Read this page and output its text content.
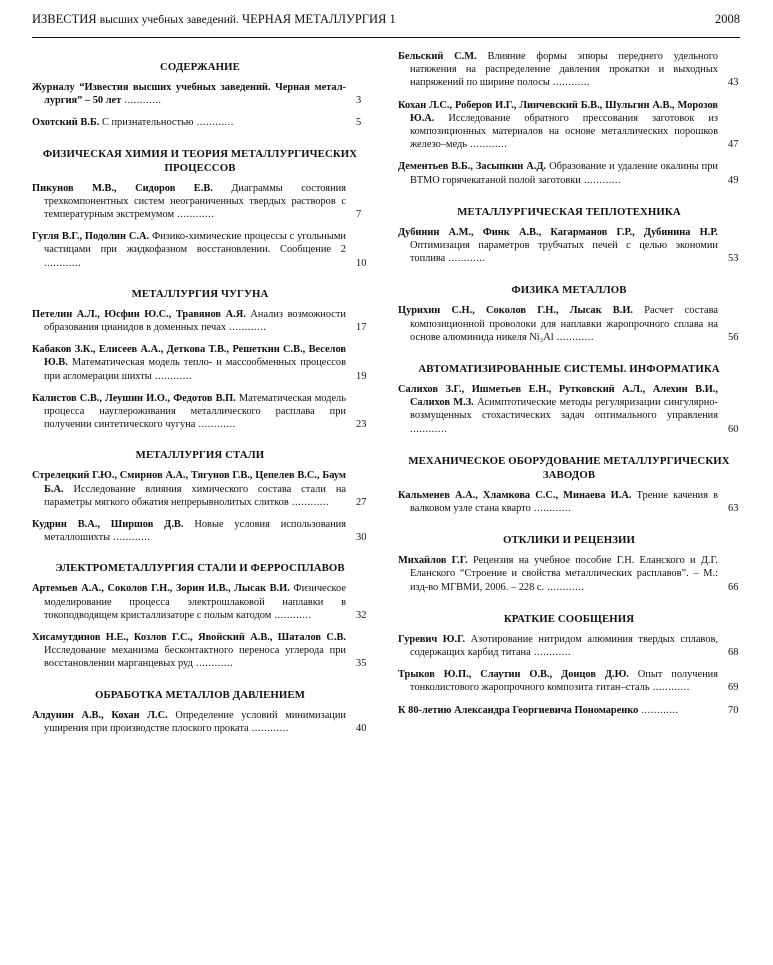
ИЗВЕСТИЯ высших учебных заведений. ЧЕРНАЯ МЕТАЛЛУРГИЯ 1	2008
СОДЕРЖАНИЕ
Журналу “Известия высших учебных заведений. Черная метал-лургия” – 50 лет ............	3
Охотский В.Б. С признательностью ............	5
ФИЗИЧЕСКАЯ ХИМИЯ И ТЕОРИЯ МЕТАЛЛУРГИЧЕСКИХ ПРОЦЕССОВ
Пикунов М.В., Сидоров Е.В. Диаграммы состояния трехкомпонентных систем неограниченных твердых растворов с температурным экстремумом ............	7
Гугля В.Г., Подолин С.А. Физико-химические процессы с угольными частицами при жидкофазном восстановлении. Сообщение 2 ............	10
МЕТАЛЛУРГИЯ ЧУГУНА
Петелин А.Л., Юсфин Ю.С., Травянов А.Я. Анализ возможности образования цианидов в доменных печах ............	17
Кабаков З.К., Елисеев А.А., Деткова Т.В., Решеткин С.В., Веселов Ю.В. Математическая модель тепло- и массообменных процессов при агломерации шихты ............	19
Калистов С.В., Леушин И.О., Федотов В.П. Математическая модель процесса науглероживания металлического расплава при получении синтетического чугуна ............	23
МЕТАЛЛУРГИЯ СТАЛИ
Стрелецкий Г.Ю., Смирнов А.А., Тягунов Г.В., Цепелев В.С., Баум Б.А. Исследование влияния химического состава стали на параметры мягкого обжатия непрерывнолитых слитков ............	27
Кудрин В.А., Ширшов Д.В. Новые условия использования металлошихты ............	30
ЭЛЕКТРОМЕТАЛЛУРГИЯ СТАЛИ И ФЕРРОСПЛАВОВ
Артемьев А.А., Соколов Г.Н., Зорин И.В., Лысак В.И. Физическое моделирование процесса электрошлаковой наплавки в токоподводящем кристаллизаторе с полым катодом ............	32
Хисамутдинов Н.Е., Козлов Г.С., Явойский А.В., Шаталов С.В. Исследование механизма бесконтактного переноса углерода при восстановлении марганцевых руд ............	35
ОБРАБОТКА МЕТАЛЛОВ ДАВЛЕНИЕМ
Алдунин А.В., Кохан Л.С. Определение условий минимизации уширения при производстве плоского проката ............	40
Бельский С.М. Влияние формы эпюры переднего удельного натяжения на распределение давления прокатки и выходных напряжений по ширине полосы ............	43
Кохан Л.С., Роберов И.Г., Линчевский Б.В., Шульгин А.В., Морозов Ю.А. Исследование обратного прессования заготовок из композиционных материалов на основе металлических порошков железо–медь ............	47
Дементьев В.Б., Засыпкин А.Д. Образование и удаление окалины при ВТМО горячекатаной полой заготовки ............	49
МЕТАЛЛУРГИЧЕСКАЯ ТЕПЛОТЕХНИКА
Дубинин А.М., Финк А.В., Кагарманов Г.Р., Дубинина Н.Р. Оптимизация параметров трубчатых печей с целью экономии топлива ............	53
ФИЗИКА МЕТАЛЛОВ
Цурихин С.Н., Соколов Г.Н., Лысак В.И. Расчет состава композиционной проволоки для наплавки жаропрочного сплава на основе алюминида никеля Ni₃Al ............	56
АВТОМАТИЗИРОВАННЫЕ СИСТЕМЫ. ИНФОРМАТИКА
Салихов З.Г., Ишметьев Е.Н., Рутковский А.Л., Алехин В.И., Салихов М.З. Асимптотические методы регуляризации сингулярно-возмущенных стохастических задач оптимального управления ............	60
МЕХАНИЧЕСКОЕ ОБОРУДОВАНИЕ МЕТАЛЛУРГИЧЕСКИХ ЗАВОДОВ
Кальменев А.А., Хламкова С.С., Минаева И.А. Трение качения в валковом узле стана кварто ............	63
ОТКЛИКИ И РЕЦЕНЗИИ
Михайлов Г.Г. Рецензия на учебное пособие Г.Н. Еланского и Д.Г. Еланского “Строение и свойства металлических расплавов”. – М.: изд-во МГВМИ, 2006. – 228 с. ............	66
КРАТКИЕ СООБЩЕНИЯ
Гуревич Ю.Г. Азотирование нитридом алюминия твердых сплавов, содержащих карбид титана ............	68
Трыков Ю.П., Слаутин О.В., Донцов Д.Ю. Опыт получения тонколистового жаропрочного композита титан–сталь ............	69
К 80-летию Александра Георгиевича Пономаренко ............	70
